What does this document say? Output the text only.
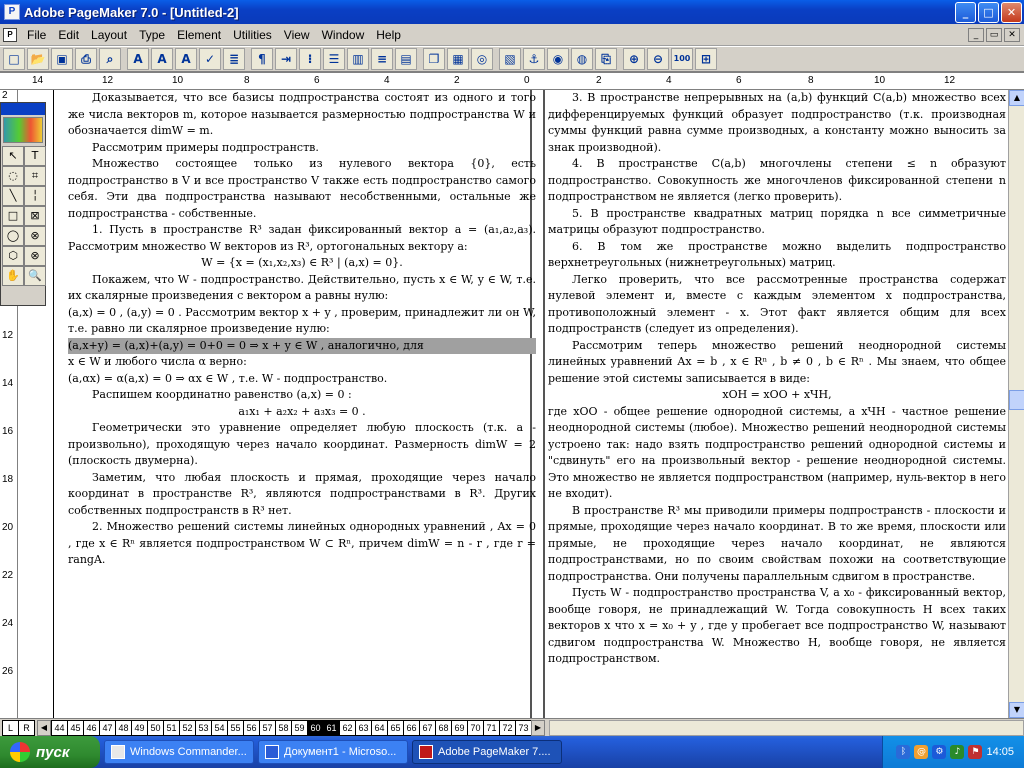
P Adobe PageMaker 7.0 - [Untitled-2]	_	□	✕
P	File	Edit	Layout	Type	Element	Utilities	View	Window	Help	_	▭	✕
□ 📂 ▣	⎙	⌕	A	A	A	✓	≣	¶	⇥	⁝	☰	▥	≡	▤	❐	▦	◎	▧	⚓	◉	◍	⎘	⊕	⊖	100 ⊞
14	12	10	8	6	4	2	0	2	4	6	8	10	12
2
12
14
16
18
20
22
24
26

Доказывается, что все базисы подпространства состоят из одного и того же числа векторов m, которое называется размерностью подпространства W и обозначается dimW = m.

Рассмотрим примеры подпространств.

Множество состоящее только из нулевого вектора {0}, есть подпространство в V и все пространство V также есть подпространство самого себя. Эти два подпространства называют несобственными, остальные же подпространства - собственные.

1. Пусть в пространстве R³ задан фиксированный вектор a = (a₁,a₂,a₃). Рассмотрим множество W векторов из R³, ортогональных вектору a:

W = {x = (x₁,x₂,x₃) ∈ R³ | (a,x) = 0}.

Покажем, что W - подпространство. Действительно, пусть x ∈ W, y ∈ W, т.е. их скалярные произведения с вектором a равны нулю:

(a,x) = 0 , (a,y) = 0 . Рассмотрим вектор x + y , проверим, принадлежит ли он W, т.е. равно ли скалярное произведение нулю:

(a,x+y) = (a,x)+(a,y) = 0+0 = 0 ⇒ x + y ∈ W , аналогично, для

x ∈ W и любого числа α верно:

(a,αx) = α(a,x) = 0 ⇒ αx ∈ W , т.е. W - подпространство.

Распишем координатно равенство (a,x) = 0 :

a₁x₁ + a₂x₂ + a₃x₃ = 0 .

Геометрически это уравнение определяет любую плоскость (т.к. a - произвольно), проходящую через начало координат. Размерность dimW = 2 (плоскость двумерна).

Заметим, что любая плоскость и прямая, проходящие через начало координат в пространстве R³, являются подпространствами в R³. Других собственных подпространств в R³ нет.

2. Множество решений системы линейных однородных уравнений , Ax = 0 , где x ∈ Rⁿ является подпространством W ⊂ Rⁿ, причем dimW = n - r , где r = rangA.

3. В пространстве непрерывных на (a,b) функций C(a,b) множество всех дифференцируемых функций образует подпространство (т.к. производная суммы функций равна сумме производных, а константу можно выносить за знак производной).

4. В пространстве C(a,b) многочлены степени ≤ n образуют подпространство. Совокупность же многочленов фиксированной степени n подпространством не является (легко проверить).

5. В пространстве квадратных матриц порядка n все симметричные матрицы образуют подпространство.

6. В том же пространстве можно выделить подпространство верхнетреугольных (нижнетреугольных) матриц.

Легко проверить, что все рассмотренные пространства содержат нулевой элемент и, вместе с каждым элементом x подпространства, противоположный элемент - x. Этот факт является общим для всех подпространств (следует из определения).

Рассмотрим теперь множество решений неоднородной системы линейных уравнений Ax = b , x ∈ Rⁿ , b ≠ 0 , b ∈ Rⁿ . Мы знаем, что общее решение этой системы записывается в виде:

xОН = xОО + xЧН,

где xОО - общее решение однородной системы, а xЧН - частное решение неоднородной системы (любое). Множество решений неоднородной системы устроено так: надо взять подпространство решений однородной системы и "сдвинуть" его на произвольный вектор - решение неоднородной системы. Это множество не является подпространством (например, нуль-вектор в него не входит).

В пространстве R³ мы приводили примеры подпространств - плоскости и прямые, проходящие через начало координат. В то же время, плоскости или прямые, не проходящие через начало координат, не являются подпространствами, но по своим свойствам похожи на соответствующие подпространства. Они получены параллельным сдвигом в пространстве.

Пусть W - подпространство пространства V, а x₀ - фиксированный вектор, вообще говоря, не принадлежащий W. Тогда совокупность H всех таких векторов x что x = x₀ + y , где y пробегает все подпространство W, называют сдвигом подпространства W. Множество H, вообще говоря, не является подпространством.

↖	T
◌	⌗
╲	╎
□	⊠
◯	⊗
⬡	⊗
✋ 🔍
▲
▼
L	R	◀ 44 45 46 47 48 49 50 51 52 53 54 55 56 57 58 59 60 61 62 63 64 65 66 67 68 69 70 71 72 73 ▶
пуск	Windows Commander...	Документ1 - Microso...	Adobe PageMaker 7....	ᛒ	@	⚙	♪	⚑ 14:05
